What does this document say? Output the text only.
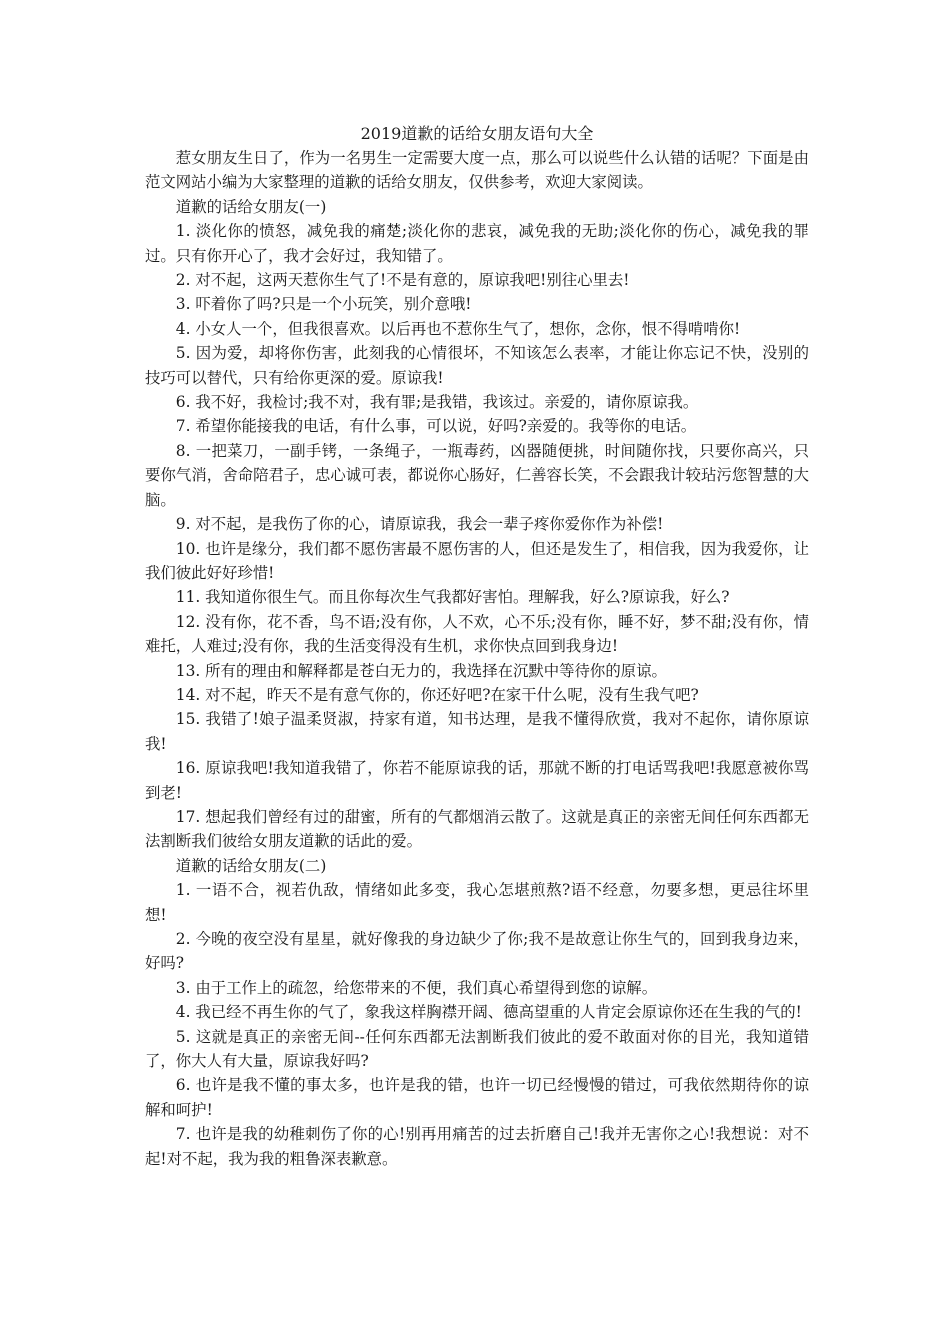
2019道歉的话给女朋友语句大全

惹女朋友生日了，作为一名男生一定需要大度一点，那么可以说些什么认错的话呢？下面是由范文网站小编为大家整理的道歉的话给女朋友，仅供参考，欢迎大家阅读。

道歉的话给女朋友(一)

1. 淡化你的愤怒，减免我的痛楚;淡化你的悲哀，减免我的无助;淡化你的伤心，减免我的罪过。只有你开心了，我才会好过，我知错了。

2. 对不起，这两天惹你生气了!不是有意的，原谅我吧!别往心里去!

3. 吓着你了吗?只是一个小玩笑，别介意哦!

4. 小女人一个，但我很喜欢。以后再也不惹你生气了，想你，念你，恨不得啃啃你!

5. 因为爱，却将你伤害，此刻我的心情很坏，不知该怎么表率，才能让你忘记不快，没别的技巧可以替代，只有给你更深的爱。原谅我!

6. 我不好，我检讨;我不对，我有罪;是我错，我该过。亲爱的，请你原谅我。

7. 希望你能接我的电话，有什么事，可以说，好吗?亲爱的。我等你的电话。

8. 一把菜刀，一副手铐，一条绳子，一瓶毒药，凶器随便挑，时间随你找，只要你高兴，只要你气消，舍命陪君子，忠心诚可表，都说你心肠好，仁善容长笑，不会跟我计较玷污您智慧的大脑。

9. 对不起，是我伤了你的心，请原谅我，我会一辈子疼你爱你作为补偿!

10. 也许是缘分，我们都不愿伤害最不愿伤害的人，但还是发生了，相信我，因为我爱你，让我们彼此好好珍惜!

11. 我知道你很生气。而且你每次生气我都好害怕。理解我，好么?原谅我，好么?

12. 没有你，花不香，鸟不语;没有你，人不欢，心不乐;没有你，睡不好，梦不甜;没有你，情难托，人难过;没有你，我的生活变得没有生机，求你快点回到我身边!

13. 所有的理由和解释都是苍白无力的，我选择在沉默中等待你的原谅。

14. 对不起，昨天不是有意气你的，你还好吧?在家干什么呢，没有生我气吧?

15. 我错了!娘子温柔贤淑，持家有道，知书达理，是我不懂得欣赏，我对不起你，请你原谅我!

16. 原谅我吧!我知道我错了，你若不能原谅我的话，那就不断的打电话骂我吧!我愿意被你骂到老!

17. 想起我们曾经有过的甜蜜，所有的气都烟消云散了。这就是真正的亲密无间任何东西都无法割断我们彼给女朋友道歉的话此的爱。

道歉的话给女朋友(二)

1. 一语不合，视若仇敌，情绪如此多变，我心怎堪煎熬?语不经意，勿要多想，更忌往坏里想!

2. 今晚的夜空没有星星，就好像我的身边缺少了你;我不是故意让你生气的，回到我身边来，好吗?

3. 由于工作上的疏忽，给您带来的不便，我们真心希望得到您的谅解。

4. 我已经不再生你的气了，象我这样胸襟开阔、德高望重的人肯定会原谅你还在生我的气的!

5. 这就是真正的亲密无间--任何东西都无法割断我们彼此的爱不敢面对你的目光，我知道错了，你大人有大量，原谅我好吗?

6. 也许是我不懂的事太多，也许是我的错，也许一切已经慢慢的错过，可我依然期待你的谅解和呵护!

7. 也许是我的幼稚刺伤了你的心!别再用痛苦的过去折磨自己!我并无害你之心!我想说：对不起!对不起，我为我的粗鲁深表歉意。
